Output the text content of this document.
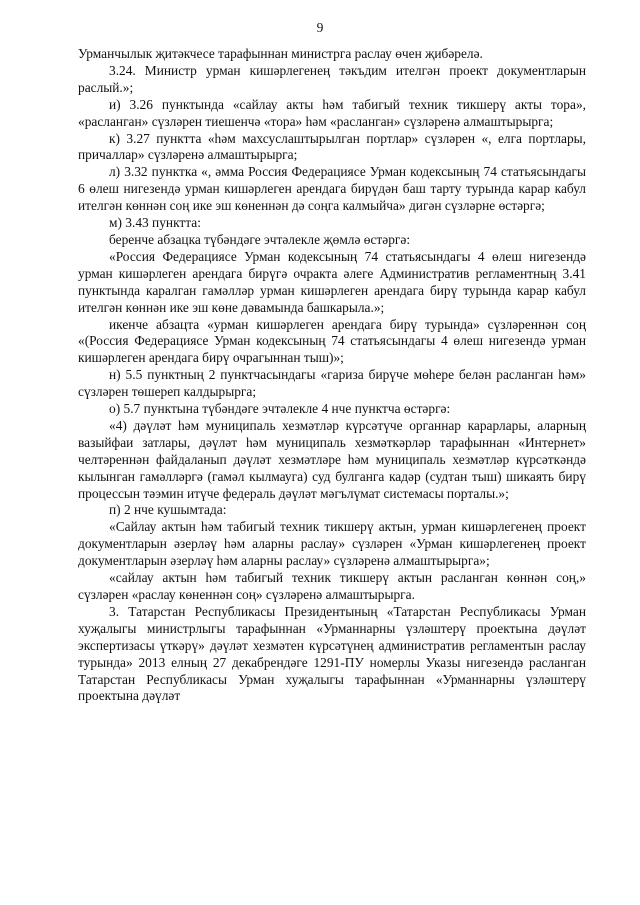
9

Урманчылык җитәкчесе тарафыннан министрга раслау өчен җибәрелә.

3.24. Министр урман кишәрлегенең тәкъдим ителгән проект документларын раслый.»;

и) 3.26 пунктында «сайлау акты һәм табигый техник тикшерү акты тора», «расланган» сүзләрен тиешенчә «тора» һәм «расланган» сүзләренә алмаштырырга;

к) 3.27 пунктта «һәм махсуслаштырылган портлар» сүзләрен «, елга портлары, причаллар» сүзләренә алмаштырырга;

л) 3.32 пунктка «, әмма Россия Федерациясе Урман кодексының 74 статьясындагы 6 өлеш нигезендә урман кишәрлеген арендага бирүдән баш тарту турында карар кабул ителгән көннән соң ике эш көненнән дә соңга калмыйча» дигән сүзләрне өстәргә;

м) 3.43 пунктта:

беренче абзацка түбәндәге эчтәлекле җөмлә өстәргә:

«Россия Федерациясе Урман кодексының 74 статьясындагы 4 өлеш нигезендә урман кишәрлеген арендага бирүгә очракта әлеге Административ регламентның 3.41 пунктында каралган гамәлләр урман кишәрлеген арендага бирү турында карар кабул ителгән көннән ике эш көне дәвамында башкарыла.»;

икенче абзацта «урман кишәрлеген арендага бирү турында» сүзләреннән соң «(Россия Федерациясе Урман кодексының 74 статьясындагы 4 өлеш нигезендә урман кишәрлеген арендага бирү очрагыннан тыш)»;

н) 5.5 пунктның 2 пунктчасындагы «гариза бирүче мөһере белән расланган һәм» сүзләрен төшереп калдырырга;

о) 5.7 пунктына түбәндәге эчтәлекле 4 нче пунктча өстәргә:

«4) дәүләт һәм муниципаль хезмәтләр күрсәтүче органнар карарлары, аларның вазыйфаи затлары, дәүләт һәм муниципаль хезмәткәрләр тарафыннан «Интернет» челтәреннән файдаланып дәүләт хезмәтләре һәм муниципаль хезмәтләр күрсәткәндә кылынган гамәлләргә (гамәл кылмауга) суд булганга кадәр (судтан тыш) шикаять бирү процессын тәэмин итүче федераль дәүләт мәгълүмат системасы порталы.»;

п) 2 нче кушымтада:

«Сайлау актын һәм табигый техник тикшерү актын, урман кишәрлегенең проект документларын әзерләү һәм аларны раслау» сүзләрен «Урман кишәрлегенең проект документларын әзерләү һәм аларны раслау» сүзләренә алмаштырырга»;

«сайлау актын һәм табигый техник тикшерү актын расланган көннән соң,» сүзләрен «раслау көненнән соң» сүзләренә алмаштырырга.

3. Татарстан Республикасы Президентының «Татарстан Республикасы Урман хуҗалыгы министрлыгы тарафыннан «Урманнарны үзләштерү проектына дәүләт экспертизасы үткәрү» дәүләт хезмәтен күрсәтүнең административ регламентын раслау турында» 2013 елның 27 декабрендәге 1291-ПУ номерлы Указы нигезендә расланган Татарстан Республикасы Урман хуҗалыгы тарафыннан «Урманнарны үзләштерү проектына дәүләт
